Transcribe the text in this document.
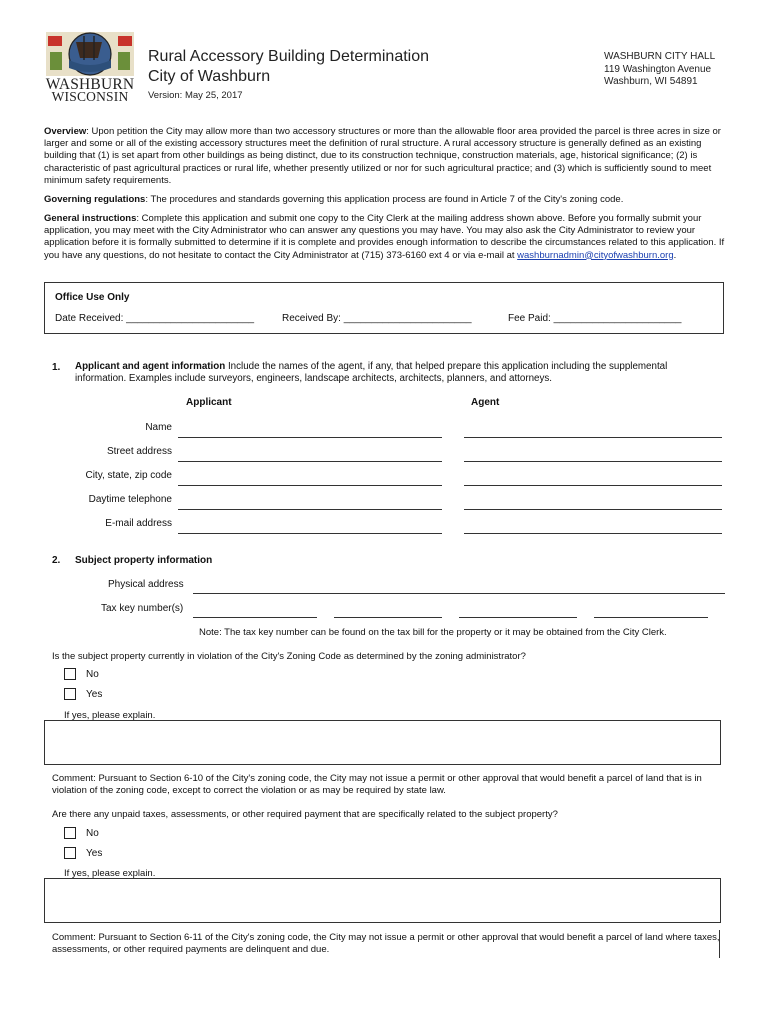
WASHBURN
WISCONSIN
Rural Accessory Building Determination
City of Washburn
Version: May 25, 2017
WASHBURN CITY HALL
119 Washington Avenue
Washburn, WI 54891

Overview: Upon petition the City may allow more than two accessory structures or more than the allowable floor area provided the parcel is three acres in size or larger and some or all of the existing accessory structures meet the definition of rural structure. A rural accessory structure is generally defined as an existing building that (1) is set apart from other buildings as being distinct, due to its construction technique, construction materials, age, historical significance; (2) is characteristic of past agricultural practices or rural life, whether presently utilized or nor for such agricultural practice; and (3) which is sufficiently sound to meet minimum safety requirements.

Governing regulations: The procedures and standards governing this application process are found in Article 7 of the City's zoning code.

General instructions: Complete this application and submit one copy to the City Clerk at the mailing address shown above. Before you formally submit your application, you may meet with the City Administrator who can answer any questions you may have. You may also ask the City Administrator to review your application before it is formally submitted to determine if it is complete and provides enough information to describe the circumstances related to this application. If you have any questions, do not hesitate to contact the City Administrator at (715) 373-6160 ext 4 or via e-mail at washburnadmin@cityofwashburn.org.

Office Use Only
Date Received: _______________________	Received By: _______________________	Fee Paid: _______________________
1. Applicant and agent information Include the names of the agent, if any, that helped prepare this application including the supplemental information. Examples include surveyors, engineers, landscape architects, architects, planners, and attorneys.
Applicant	Agent
Name
Street address
City, state, zip code
Daytime telephone
E-mail address
2. Subject property information
Physical address
Tax key number(s)
Note: The tax key number can be found on the tax bill for the property or it may be obtained from the City Clerk.
Is the subject property currently in violation of the City's Zoning Code as determined by the zoning administrator?
No
Yes
If yes, please explain.
Comment: Pursuant to Section 6-10 of the City's zoning code, the City may not issue a permit or other approval that would benefit a parcel of land that is in violation of the zoning code, except to correct the violation or as may be required by state law.
Are there any unpaid taxes, assessments, or other required payment that are specifically related to the subject property?
No
Yes
If yes, please explain.
Comment: Pursuant to Section 6-11 of the City's zoning code, the City may not issue a permit or other approval that would benefit a parcel of land where taxes, assessments, or other required payments are delinquent and due.
